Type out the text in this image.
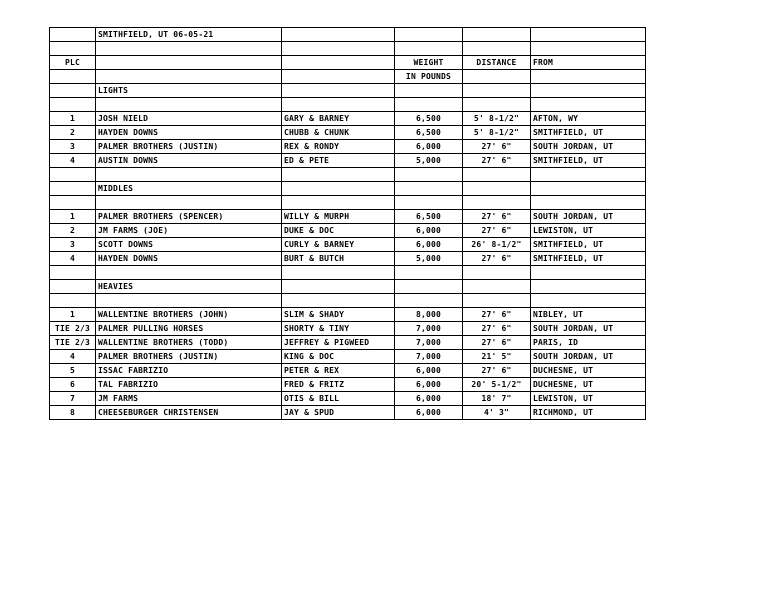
	SMITHFIELD, UT 06-05-21				

PLC			WEIGHT	DISTANCE	FROM
			IN POUNDS		
	LIGHTS				

1	JOSH NIELD	GARY & BARNEY	6,500	5' 8-1/2"	AFTON, WY
2	HAYDEN DOWNS	CHUBB & CHUNK	6,500	5' 8-1/2"	SMITHFIELD, UT
3	PALMER BROTHERS (JUSTIN)	REX & RONDY	6,000	27' 6"	SOUTH JORDAN, UT
4	AUSTIN DOWNS	ED & PETE	5,000	27' 6"	SMITHFIELD, UT

	MIDDLES				

1	PALMER BROTHERS (SPENCER)	WILLY & MURPH	6,500	27' 6"	SOUTH JORDAN, UT
2	JM FARMS (JOE)	DUKE & DOC	6,000	27' 6"	LEWISTON, UT
3	SCOTT DOWNS	CURLY & BARNEY	6,000	26' 8-1/2"	SMITHFIELD, UT
4	HAYDEN DOWNS	BURT & BUTCH	5,000	27' 6"	SMITHFIELD, UT

	HEAVIES				

1	WALLENTINE BROTHERS (JOHN)	SLIM & SHADY	8,000	27' 6"	NIBLEY, UT
TIE 2/3	PALMER PULLING HORSES	SHORTY & TINY	7,000	27' 6"	SOUTH JORDAN, UT
TIE 2/3	WALLENTINE BROTHERS (TODD)	JEFFREY & PIGWEED	7,000	27' 6"	PARIS, ID
4	PALMER BROTHERS (JUSTIN)	KING & DOC	7,000	21' 5"	SOUTH JORDAN, UT
5	ISSAC FABRIZIO	PETER & REX	6,000	27' 6"	DUCHESNE, UT
6	TAL FABRIZIO	FRED & FRITZ	6,000	20' 5-1/2"	DUCHESNE, UT
7	JM FARMS	OTIS & BILL	6,000	18' 7"	LEWISTON, UT
8	CHEESEBURGER CHRISTENSEN	JAY & SPUD	6,000	4' 3"	RICHMOND, UT
